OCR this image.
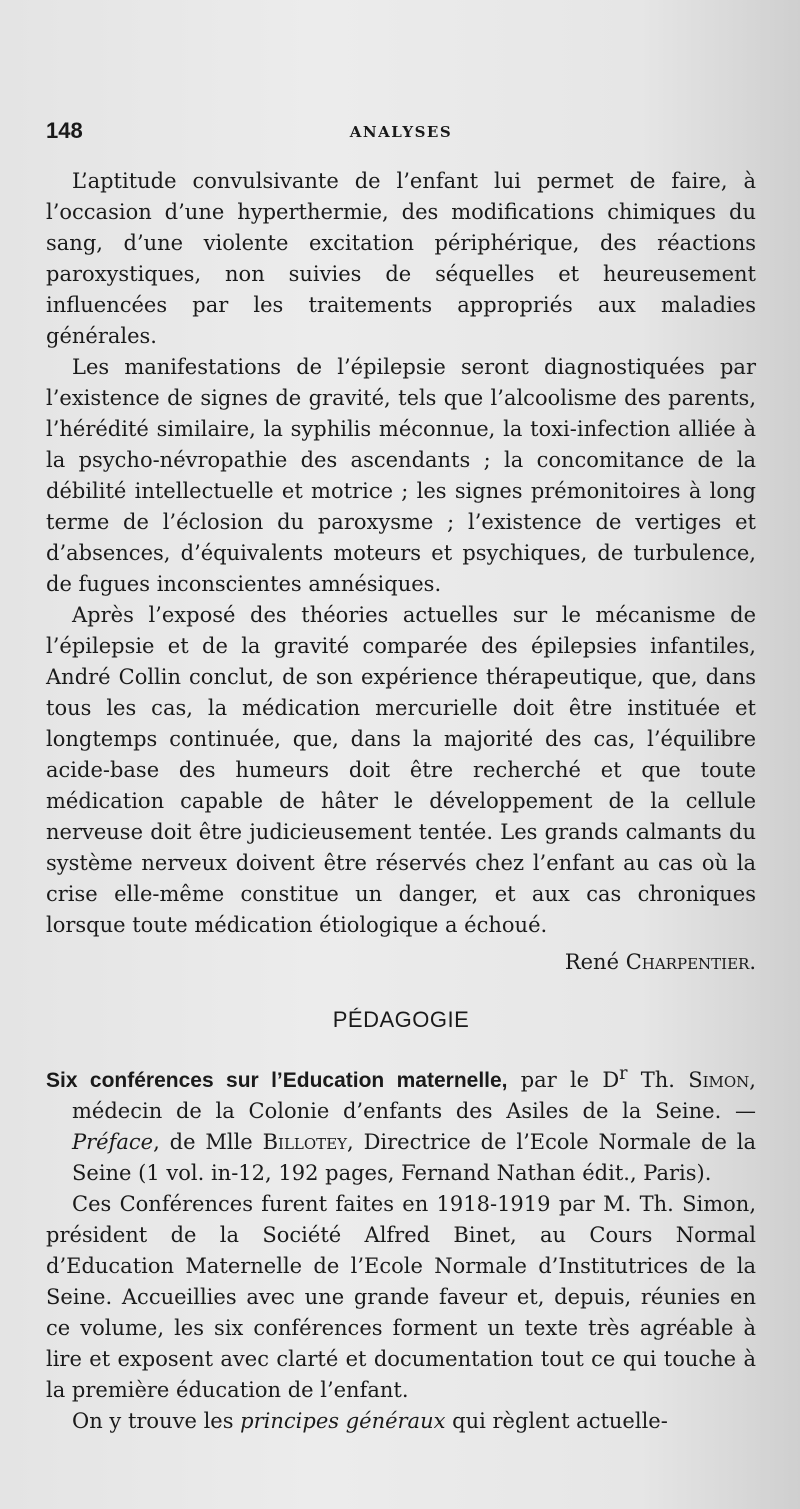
148	ANALYSES

L’aptitude convulsivante de l’enfant lui permet de faire, à l’occasion d’une hyperthermie, des modifications chimiques du sang, d’une violente excitation périphérique, des réactions paroxystiques, non suivies de séquelles et heureusement influencées par les traitements appropriés aux maladies générales.

Les manifestations de l’épilepsie seront diagnostiquées par l’existence de signes de gravité, tels que l’alcoolisme des parents, l’hérédité similaire, la syphilis méconnue, la toxi-infection alliée à la psycho-névropathie des ascendants ; la concomitance de la débilité intellectuelle et motrice ; les signes prémonitoires à long terme de l’éclosion du paroxysme ; l’existence de vertiges et d’absences, d’équivalents moteurs et psychiques, de turbulence, de fugues inconscientes amnésiques.

Après l’exposé des théories actuelles sur le mécanisme de l’épilepsie et de la gravité comparée des épilepsies infantiles, André Collin conclut, de son expérience thérapeutique, que, dans tous les cas, la médication mercurielle doit être instituée et longtemps continuée, que, dans la majorité des cas, l’équilibre acide-base des humeurs doit être recherché et que toute médication capable de hâter le développement de la cellule nerveuse doit être judicieusement tentée. Les grands calmants du système nerveux doivent être réservés chez l’enfant au cas où la crise elle-même constitue un danger, et aux cas chroniques lorsque toute médication étiologique a échoué.

René Charpentier.

PÉDAGOGIE

Six conférences sur l’Education maternelle, par le $D^r$ Th. Simon, médecin de la Colonie d’enfants des Asiles de la Seine. — Préface, de Mlle Billotey, Directrice de l’Ecole Normale de la Seine (1 vol. in-12, 192 pages, Fernand Nathan édit., Paris).

Ces Conférences furent faites en 1918-1919 par M. Th. Simon, président de la Société Alfred Binet, au Cours Normal d’Education Maternelle de l’Ecole Normale d’Institutrices de la Seine. Accueillies avec une grande faveur et, depuis, réunies en ce volume, les six conférences forment un texte très agréable à lire et exposent avec clarté et documentation tout ce qui touche à la première éducation de l’enfant.

On y trouve les principes généraux qui règlent actuelle-
